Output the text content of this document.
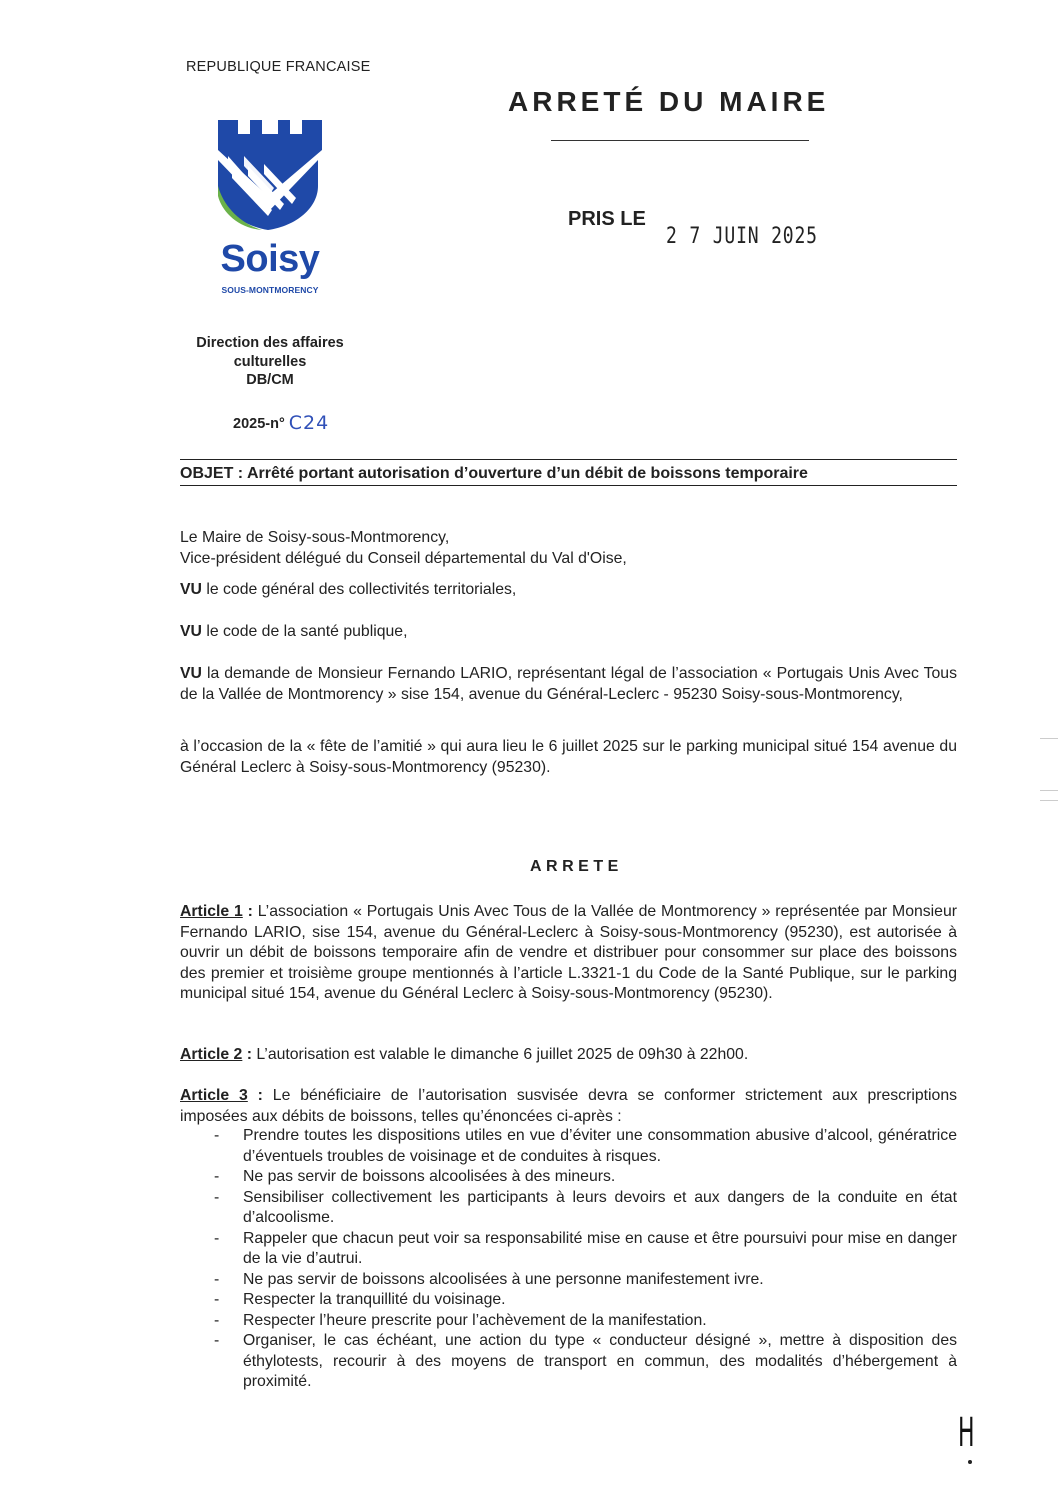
REPUBLIQUE FRANCAISE
Soisy
SOUS-MONTMORENCY
Direction des affaires
culturelles
DB/CM
2025-n° C24
ARRETÉ DU MAIRE
PRIS LE
2 7 JUIN 2025
OBJET : Arrêté portant autorisation d’ouverture d’un débit de boissons temporaire
Le Maire de Soisy-sous-Montmorency,
Vice-président délégué du Conseil départemental du Val d'Oise,
VU le code général des collectivités territoriales,
VU le code de la santé publique,
VU la demande de Monsieur Fernando LARIO, représentant légal de l’association « Portugais Unis Avec Tous de la Vallée de Montmorency » sise 154, avenue du Général-Leclerc - 95230 Soisy-sous-Montmorency,
à l’occasion de la « fête de l’amitié » qui aura lieu le 6 juillet 2025 sur le parking municipal situé 154 avenue du Général Leclerc à Soisy-sous-Montmorency (95230).
ARRETE
Article 1 : L’association « Portugais Unis Avec Tous de la Vallée de Montmorency » représentée par Monsieur Fernando LARIO, sise 154, avenue du Général-Leclerc à Soisy-sous-Montmorency (95230), est autorisée à ouvrir un débit de boissons temporaire afin de vendre et distribuer pour consommer sur place des boissons des premier et troisième groupe mentionnés à l’article L.3321-1 du Code de la Santé Publique, sur le parking municipal situé 154, avenue du Général Leclerc à Soisy-sous-Montmorency (95230).
Article 2 : L’autorisation est valable le dimanche 6 juillet 2025 de 09h30 à 22h00.
Article 3 : Le bénéficiaire de l’autorisation susvisée devra se conformer strictement aux prescriptions imposées aux débits de boissons, telles qu’énoncées ci-après :
- Prendre toutes les dispositions utiles en vue d’éviter une consommation abusive d’alcool, génératrice d’éventuels troubles de voisinage et de conduites à risques.
- Ne pas servir de boissons alcoolisées à des mineurs.
- Sensibiliser collectivement les participants à leurs devoirs et aux dangers de la conduite en état d’alcoolisme.
- Rappeler que chacun peut voir sa responsabilité mise en cause et être poursuivi pour mise en danger de la vie d’autrui.
- Ne pas servir de boissons alcoolisées à une personne manifestement ivre.
- Respecter la tranquillité du voisinage.
- Respecter l’heure prescrite pour l’achèvement de la manifestation.
- Organiser, le cas échéant, une action du type « conducteur désigné », mettre à disposition des éthylotests, recourir à des moyens de transport en commun, des modalités d’hébergement à proximité.
H
